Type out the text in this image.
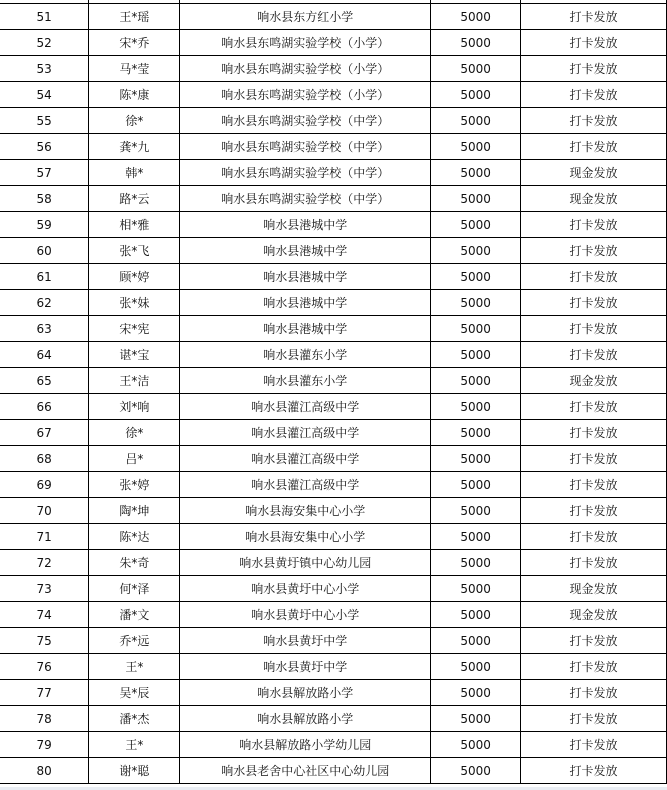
51	王*瑶	响水县东方红小学	5000	打卡发放
52	宋*乔	响水县东鸣湖实验学校（小学）	5000	打卡发放
53	马*莹	响水县东鸣湖实验学校（小学）	5000	打卡发放
54	陈*康	响水县东鸣湖实验学校（小学）	5000	打卡发放
55	徐*	响水县东鸣湖实验学校（中学）	5000	打卡发放
56	龚*九	响水县东鸣湖实验学校（中学）	5000	打卡发放
57	韩*	响水县东鸣湖实验学校（中学）	5000	现金发放
58	路*云	响水县东鸣湖实验学校（中学）	5000	现金发放
59	相*雅	响水县港城中学	5000	打卡发放
60	张*飞	响水县港城中学	5000	打卡发放
61	顾*婷	响水县港城中学	5000	打卡发放
62	张*妹	响水县港城中学	5000	打卡发放
63	宋*宪	响水县港城中学	5000	打卡发放
64	谌*宝	响水县灌东小学	5000	打卡发放
65	王*洁	响水县灌东小学	5000	现金发放
66	刘*响	响水县灌江高级中学	5000	打卡发放
67	徐*	响水县灌江高级中学	5000	打卡发放
68	吕*	响水县灌江高级中学	5000	打卡发放
69	张*婷	响水县灌江高级中学	5000	打卡发放
70	陶*坤	响水县海安集中心小学	5000	打卡发放
71	陈*达	响水县海安集中心小学	5000	打卡发放
72	朱*奇	响水县黄圩镇中心幼儿园	5000	打卡发放
73	何*泽	响水县黄圩中心小学	5000	现金发放
74	潘*文	响水县黄圩中心小学	5000	现金发放
75	乔*远	响水县黄圩中学	5000	打卡发放
76	王*	响水县黄圩中学	5000	打卡发放
77	吴*辰	响水县解放路小学	5000	打卡发放
78	潘*杰	响水县解放路小学	5000	打卡发放
79	王*	响水县解放路小学幼儿园	5000	打卡发放
80	谢*聪	响水县老舍中心社区中心幼儿园	5000	打卡发放
